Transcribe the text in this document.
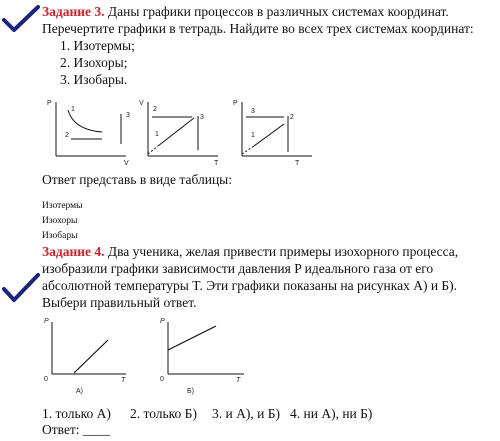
Задание 3. Даны графики процессов в различных системах координат.
Перечертите графики в тетрадь. Найдите во всех трех системах координат:
1. Изотермы;
2. Изохоры;
3. Изобары.
P
V
1
2
3
V
T
1
2
3
P
T
1
2
3
Ответ представь в виде таблицы:
Изотермы
Изохоры
Изобары
Задание 4. Два ученика, желая привести примеры изохорного процесса,
изобразили графики зависимости давления P идеального газа от его
абсолютной температуры T. Эти графики показаны на рисунках А) и Б).
Выбери правильный ответ.
P
T
0
А)
P
T
0
Б)
1. только А) 2. только Б) 3. и А), и Б) 4. ни А), ни Б)
Ответ: ____
